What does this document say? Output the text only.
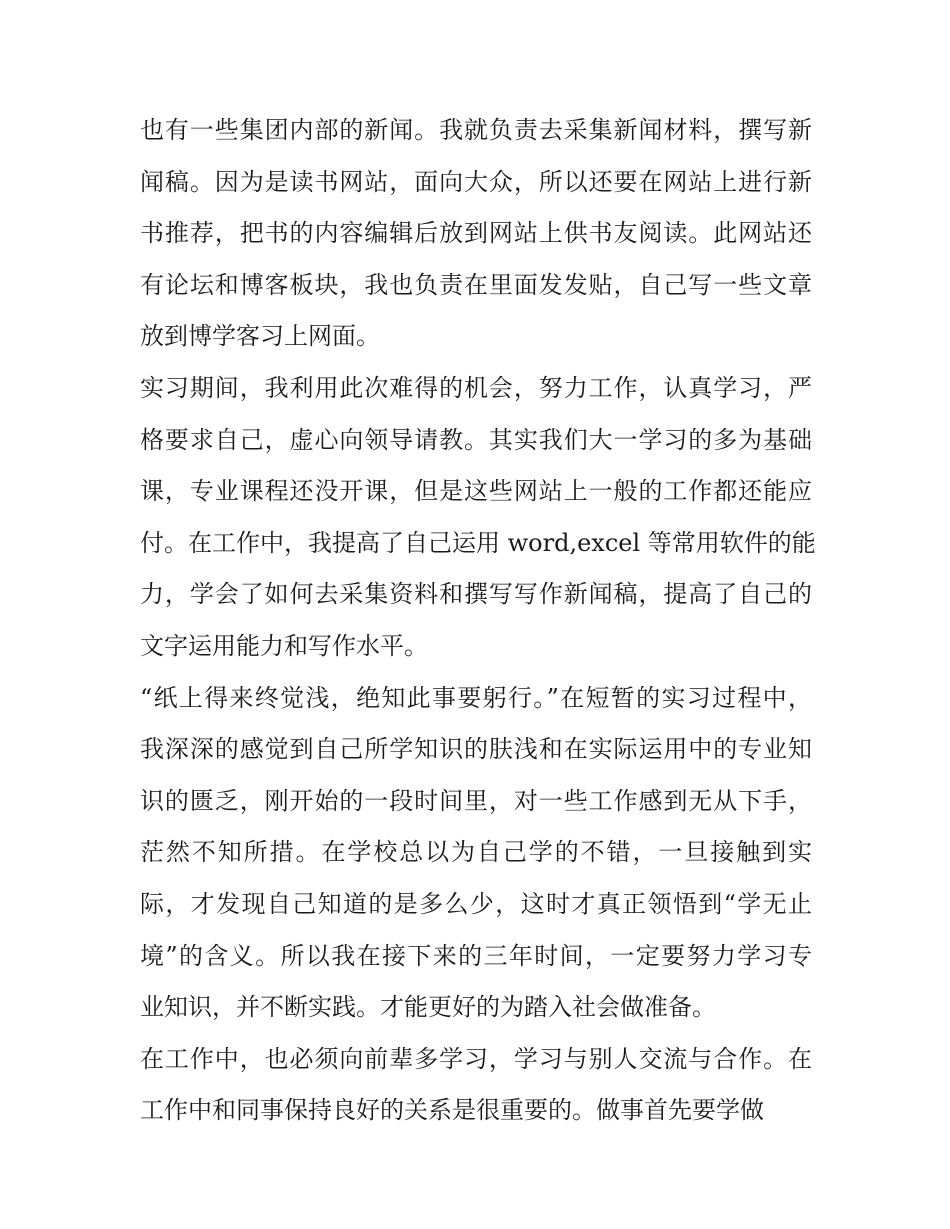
也有一些集团内部的新闻。我就负责去采集新闻材料，撰写新
闻稿。因为是读书网站，面向大众，所以还要在网站上进行新
书推荐，把书的内容编辑后放到网站上供书友阅读。此网站还
有论坛和博客板块，我也负责在里面发发贴，自己写一些文章
放到博学客习上网面。
实习期间，我利用此次难得的机会，努力工作，认真学习，严
格要求自己，虚心向领导请教。其实我们大一学习的多为基础
课，专业课程还没开课，但是这些网站上一般的工作都还能应
付。在工作中，我提高了自己运用 word,excel 等常用软件的能
力，学会了如何去采集资料和撰写写作新闻稿，提高了自己的
文字运用能力和写作水平。
“纸上得来终觉浅，绝知此事要躬行。”在短暂的实习过程中，
我深深的感觉到自己所学知识的肤浅和在实际运用中的专业知
识的匮乏，刚开始的一段时间里，对一些工作感到无从下手，
茫然不知所措。在学校总以为自己学的不错，一旦接触到实
际，才发现自己知道的是多么少，这时才真正领悟到“学无止
境”的含义。所以我在接下来的三年时间，一定要努力学习专
业知识，并不断实践。才能更好的为踏入社会做准备。
在工作中，也必须向前辈多学习，学习与别人交流与合作。在
工作中和同事保持良好的关系是很重要的。做事首先要学做
